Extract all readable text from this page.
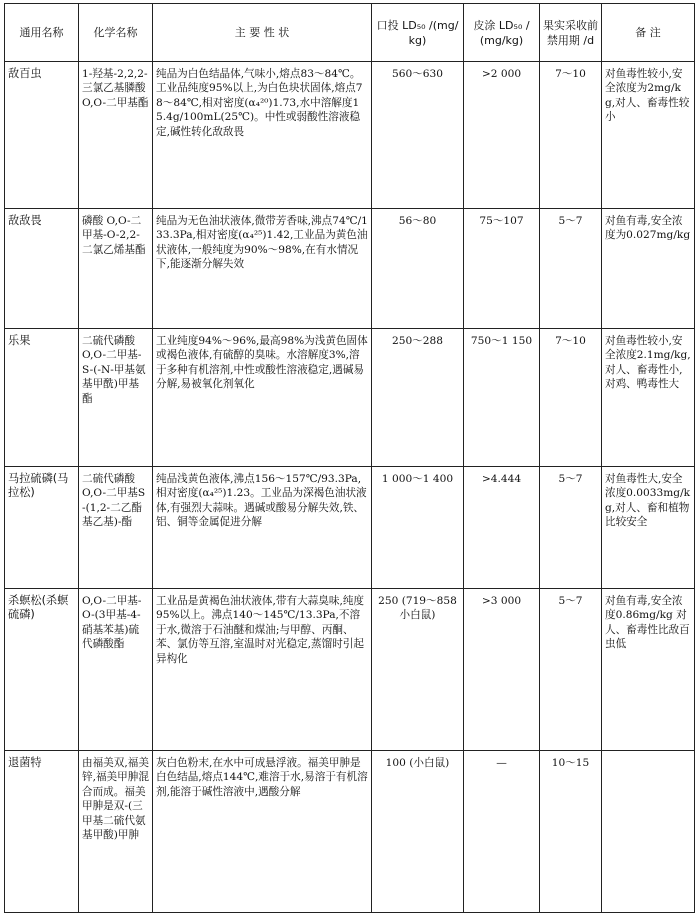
通用名称	化学名称	主 要 性 状	口投 LD₅₀ /(mg/kg)	皮涂 LD₅₀ /(mg/kg)	果实采收前禁用期 /d	备 注
敌百虫	1-羟基-2,2,2-三氯乙基膦酸 O,O-二甲基酯	纯品为白色结晶体,气味小,熔点83～84℃。工业品纯度95%以上,为白色块状固体,熔点78～84℃,相对密度(α₄²⁰)1.73,水中溶解度15.4g/100mL(25℃)。中性或弱酸性溶液稳定,碱性转化敌敌畏	560～630	>2 000	7～10	对鱼毒性较小,安全浓度为2mg/kg,对人、畜毒性较小
敌敌畏	磷酸 O,O-二甲基-O-2,2-二氯乙烯基酯	纯品为无色油状液体,微带芳香味,沸点74℃/133.3Pa,相对密度(α₄²⁵)1.42,工业品为黄色油状液体,一般纯度为90%～98%,在有水情况下,能逐渐分解失效	56～80	75～107	5～7	对鱼有毒,安全浓度为0.027mg/kg
乐果	二硫代磷酸 O,O-二甲基-S-(-N-甲基氨基甲酰)甲基酯	工业纯度94%～96%,最高98%为浅黄色固体或褐色液体,有硫醇的臭味。水溶解度3%,溶于多种有机溶剂,中性或酸性溶液稳定,遇碱易分解,易被氧化剂氧化	250～288	750～1 150	7～10	对鱼毒性较小,安全浓度2.1mg/kg,对人、畜毒性小,对鸡、鸭毒性大
马拉硫磷(马拉松)	二硫代磷酸 O,O-二甲基S-(1,2-二乙酯基乙基)-酯	纯品浅黄色液体,沸点156～157℃/93.3Pa,相对密度(α₄²⁵)1.23。工业品为深褐色油状液体,有强烈大蒜味。遇碱或酸易分解失效,铁、铝、铜等金属促进分解	1 000～1 400	>4.444	5～7	对鱼毒性大,安全浓度0.0033mg/kg,对人、畜和植物比较安全
杀螟松(杀螟硫磷)	O,O-二甲基-O-(3甲基-4-硝基苯基)硫代磷酸酯	工业品是黄褐色油状液体,带有大蒜臭味,纯度95%以上。沸点140～145℃/13.3Pa,不溶于水,微溶于石油醚和煤油;与甲醇、丙酮、苯、氯仿等互溶,室温时对光稳定,蒸馏时引起异构化	250 (719～858 小白鼠)	>3 000	5～7	对鱼有毒,安全浓度0.86mg/kg 对人、畜毒性比敌百虫低
退菌特	由福美双,福美锌,福美甲胂混合而成。福美甲胂是双-(三甲基二硫代氨基甲酸)甲胂	灰白色粉末,在水中可成悬浮液。福美甲胂是白色结晶,熔点144℃,难溶于水,易溶于有机溶剂,能溶于碱性溶液中,遇酸分解	100 (小白鼠)	—	10～15	
